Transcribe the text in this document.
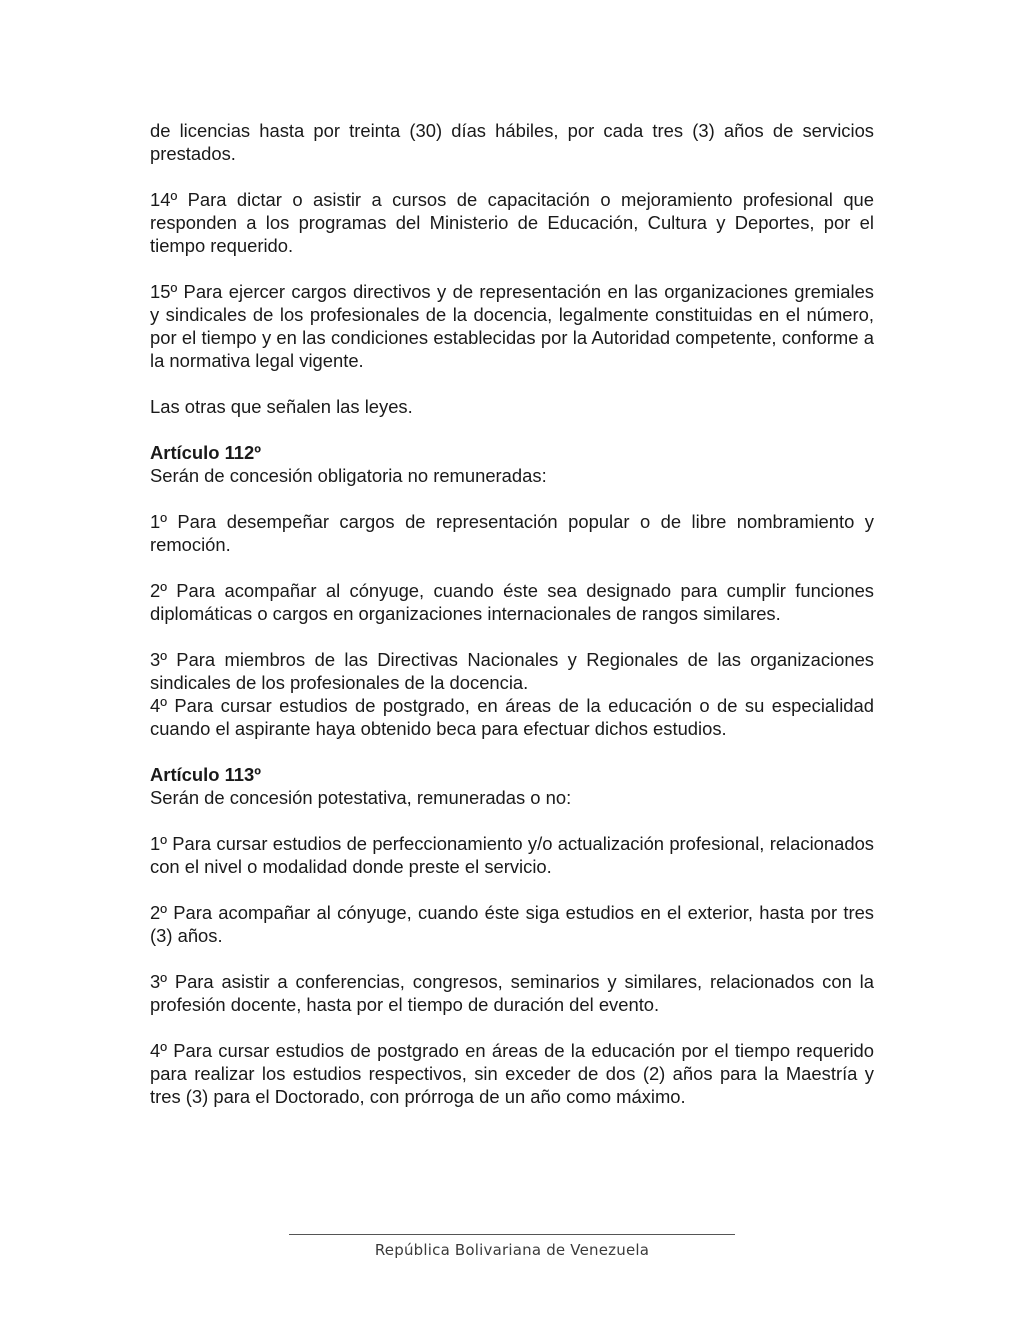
de licencias hasta por treinta (30) días hábiles, por cada tres (3) años de servicios prestados.

14º Para dictar o asistir a cursos de capacitación o mejoramiento profesional que responden a los programas del Ministerio de Educación, Cultura y Deportes, por el tiempo requerido.

15º Para ejercer cargos directivos y de representación en las organizaciones gremiales y sindicales de los profesionales de la docencia, legalmente constituidas en el número, por el tiempo y en las condiciones establecidas por la Autoridad competente, conforme a la normativa legal vigente.

Las otras que señalen las leyes.

Artículo 112º

Serán de concesión obligatoria no remuneradas:

1º Para desempeñar cargos de representación popular o de libre nombramiento y remoción.

2º Para acompañar al cónyuge, cuando éste sea designado para cumplir funciones diplomáticas o cargos en organizaciones internacionales de rangos similares.

3º Para miembros de las Directivas Nacionales y Regionales de las organizaciones sindicales de los profesionales de la docencia.

4º Para cursar estudios de postgrado, en áreas de la educación o de su especialidad cuando el aspirante haya obtenido beca para efectuar dichos estudios.

Artículo 113º

Serán de concesión potestativa, remuneradas o no:

1º Para cursar estudios de perfeccionamiento y/o actualización profesional, relacionados con el nivel o modalidad donde preste el servicio.

2º Para acompañar al cónyuge, cuando éste siga estudios en el exterior, hasta por tres (3) años.

3º Para asistir a conferencias, congresos, seminarios y similares, relacionados con la profesión docente, hasta por el tiempo de duración del evento.

4º Para cursar estudios de postgrado en áreas de la educación por el tiempo requerido para realizar los estudios respectivos, sin exceder de dos (2) años para la Maestría y tres (3) para el Doctorado, con prórroga de un año como máximo.

República Bolivariana de Venezuela
